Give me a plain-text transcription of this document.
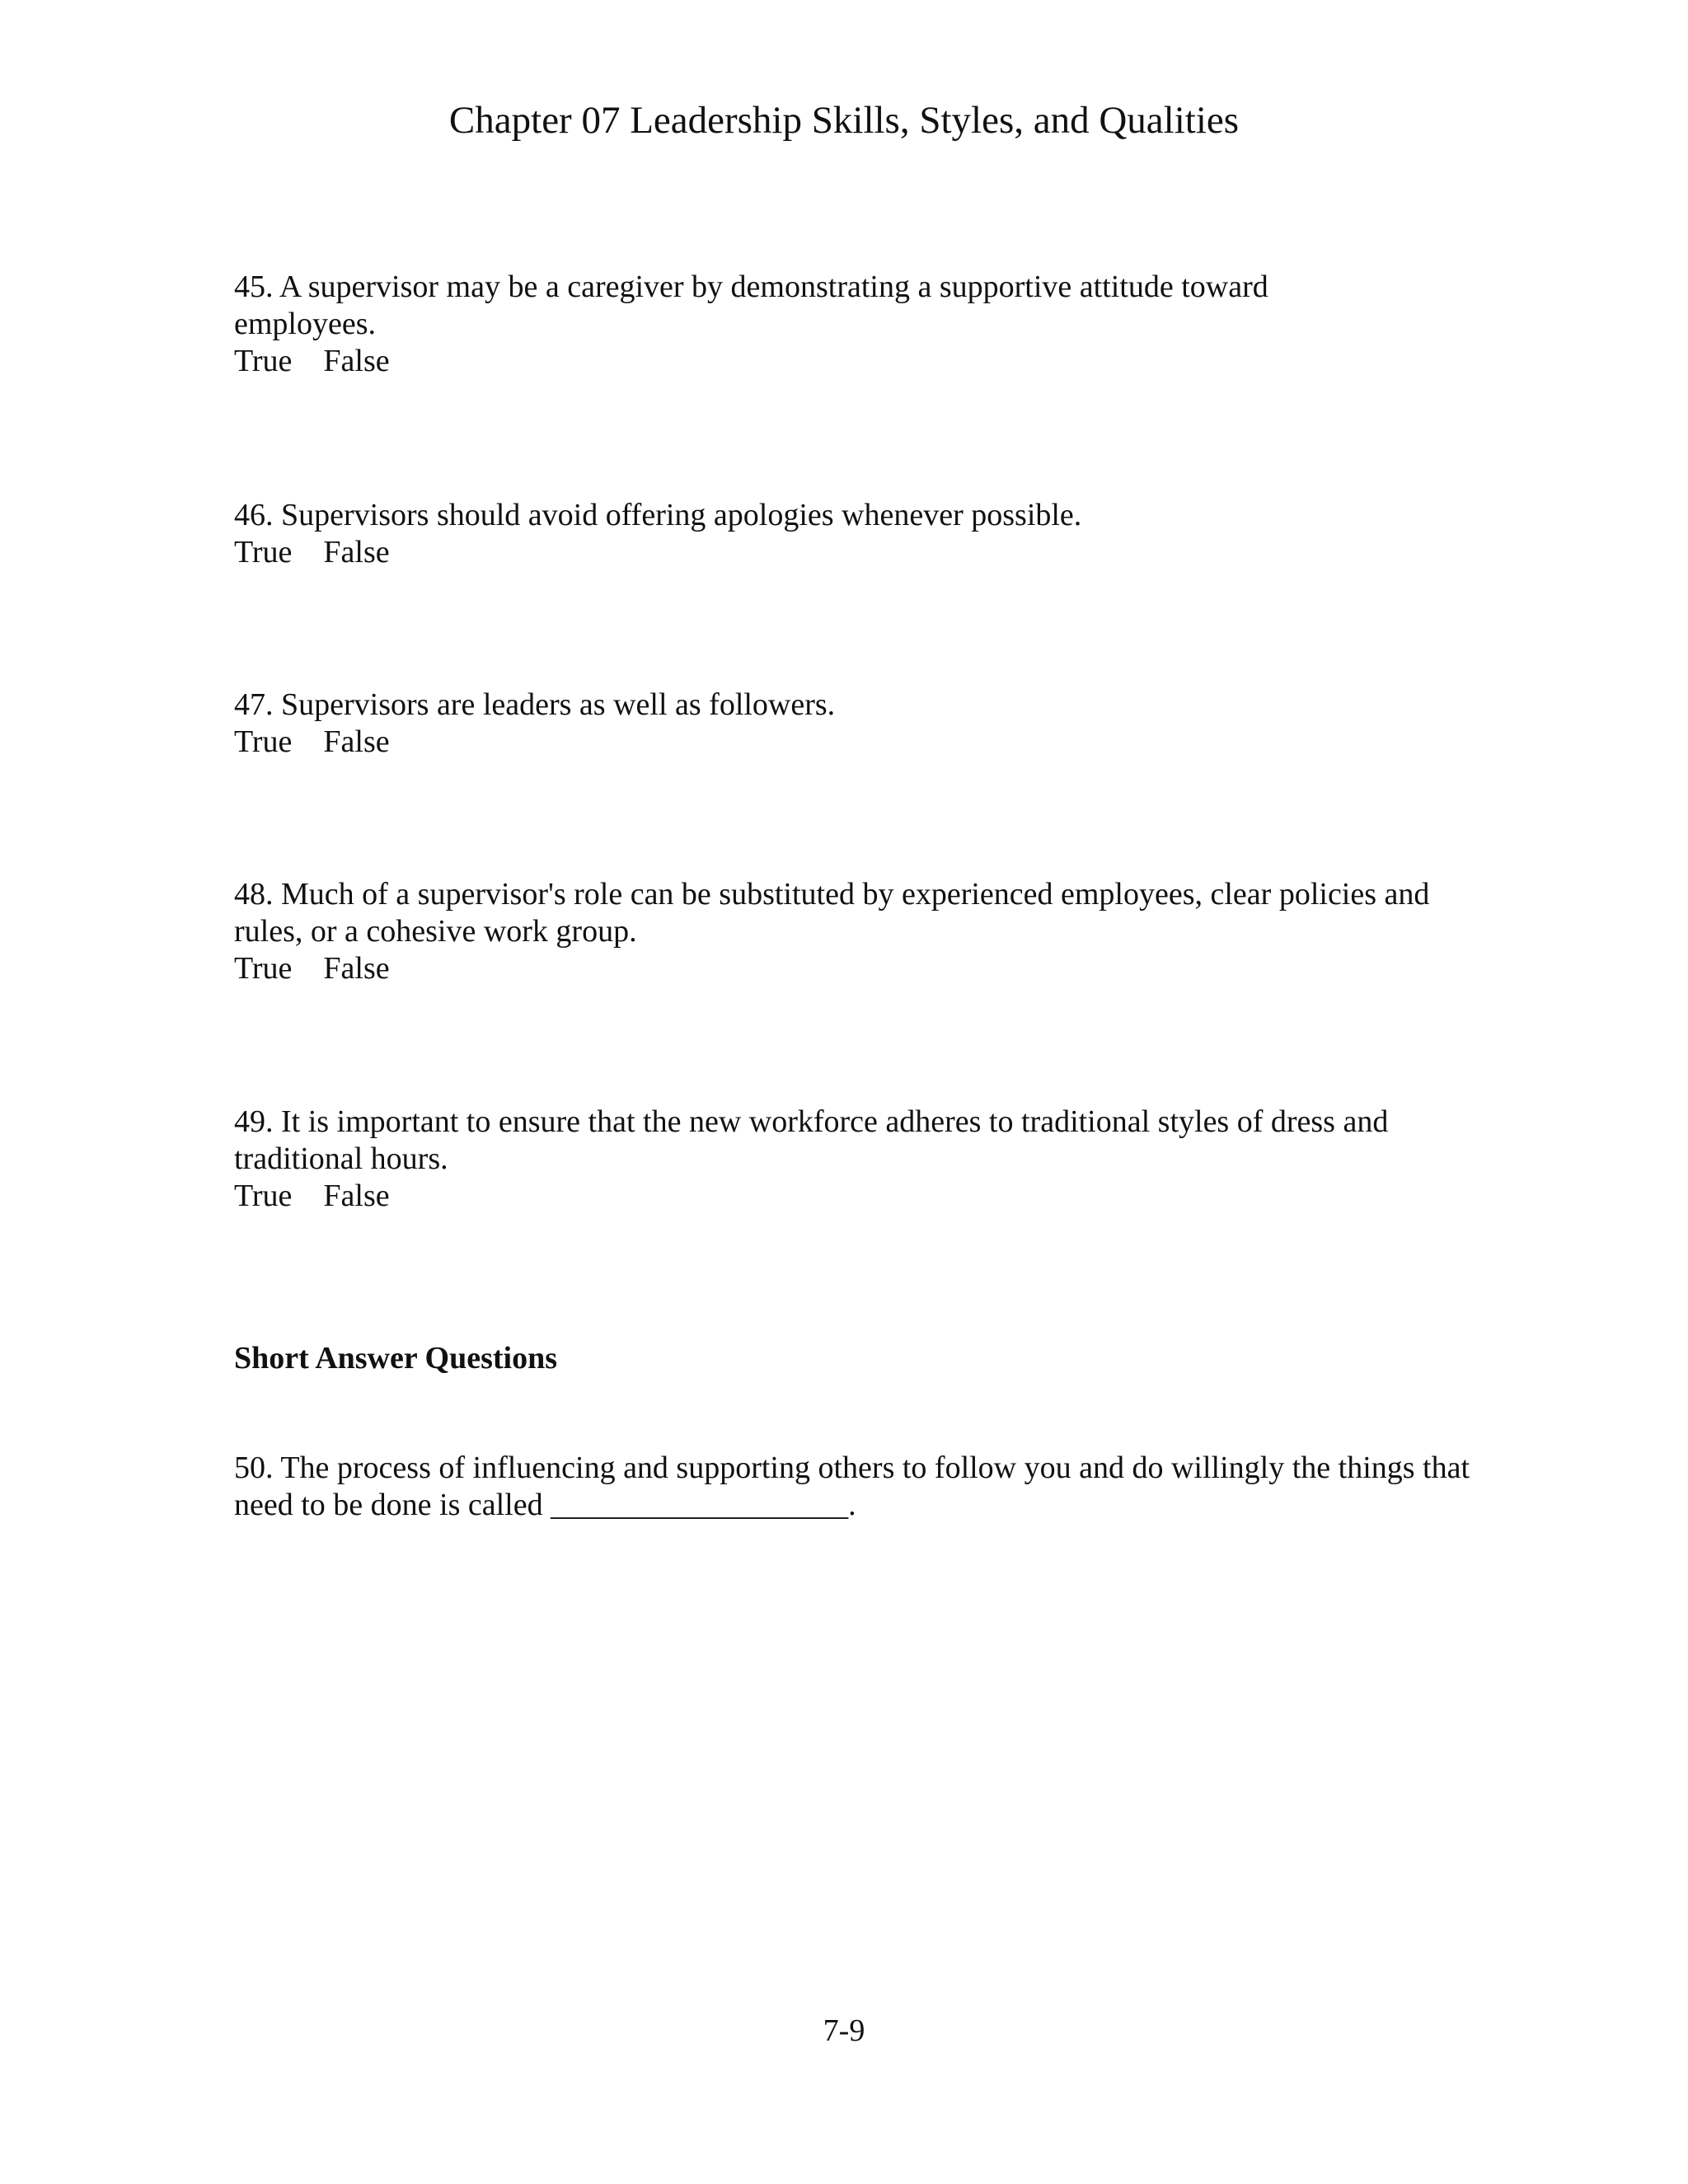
Chapter 07 Leadership Skills, Styles, and Qualities
45. A supervisor may be a caregiver by demonstrating a supportive attitude toward employees.
True False
46. Supervisors should avoid offering apologies whenever possible.
True False
47. Supervisors are leaders as well as followers.
True False
48. Much of a supervisor's role can be substituted by experienced employees, clear policies and rules, or a cohesive work group.
True False
49. It is important to ensure that the new workforce adheres to traditional styles of dress and traditional hours.
True False
Short Answer Questions
50. The process of influencing and supporting others to follow you and do willingly the things that need to be done is called ___________________.
7-9
